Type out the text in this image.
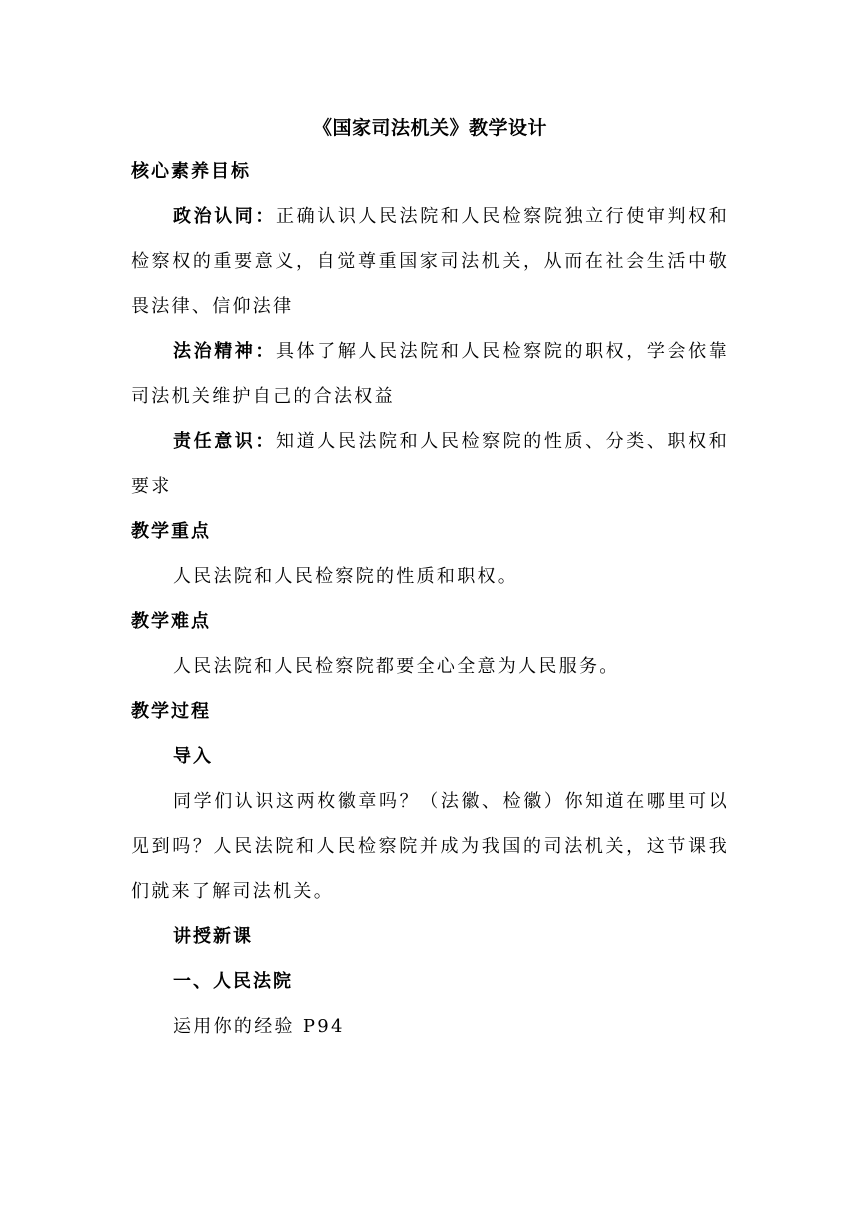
《国家司法机关》教学设计
核心素养目标
政治认同：正确认识人民法院和人民检察院独立行使审判权和检察权的重要意义，自觉尊重国家司法机关，从而在社会生活中敬畏法律、信仰法律
法治精神：具体了解人民法院和人民检察院的职权，学会依靠司法机关维护自己的合法权益
责任意识：知道人民法院和人民检察院的性质、分类、职权和要求
教学重点
人民法院和人民检察院的性质和职权。
教学难点
人民法院和人民检察院都要全心全意为人民服务。
教学过程
导入
同学们认识这两枚徽章吗？（法徽、检徽）你知道在哪里可以见到吗？人民法院和人民检察院并成为我国的司法机关，这节课我们就来了解司法机关。
讲授新课
一、人民法院
运用你的经验 P94
